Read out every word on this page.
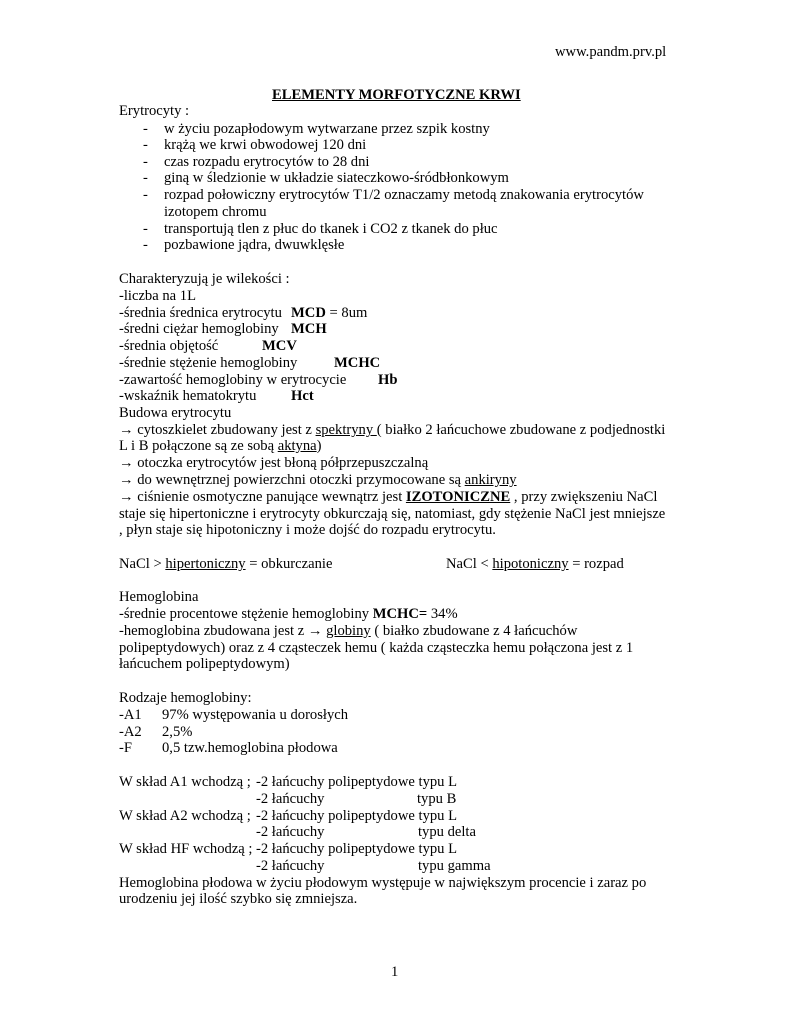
www.pandm.prv.pl
ELEMENTY MORFOTYCZNE KRWI
Erytrocyty :
- w życiu pozapłodowym wytwarzane przez szpik kostny
- krążą we krwi obwodowej 120 dni
- czas rozpadu erytrocytów to 28 dni
- giną w śledzionie w układzie siateczkowo-śródbłonkowym
- rozpad połowiczny erytrocytów T1/2 oznaczamy metodą znakowania erytrocytów
izotopem chromu
- transportują tlen z płuc do tkanek i CO2 z tkanek do płuc
- pozbawione jądra, dwuwklęsłe
Charakteryzują je wilekości :
-liczba na 1L
-średnia średnica erytrocytu MCD = 8um
-średni ciężar hemoglobiny MCH
-średnia objętość	MCV
-średnie stężenie hemoglobiny	MCHC
-zawartość hemoglobiny w erytrocycie Hb
-wskaźnik hematokrytu Hct
Budowa erytrocytu
→ cytoszkielet zbudowany jest z spektryny ( białko 2 łańcuchowe zbudowane z podjednostki
L i B połączone są ze sobą aktyna)
→ otoczka erytrocytów jest błoną półprzepuszczalną
→ do wewnętrznej powierzchni otoczki przymocowane są ankiryny
→ ciśnienie osmotyczne panujące wewnątrz jest IZOTONICZNE , przy zwiększeniu NaCl
staje się hipertoniczne i erytrocyty obkurczają się, natomiast, gdy stężenie NaCl jest mniejsze
, płyn staje się hipotoniczny i może dojść do rozpadu erytrocytu.
NaCl > hipertoniczny = obkurczanie	NaCl < hipotoniczny = rozpad
Hemoglobina
-średnie procentowe stężenie hemoglobiny MCHC= 34%
-hemoglobina zbudowana jest z → globiny ( białko zbudowane z 4 łańcuchów
polipeptydowych) oraz z 4 cząsteczek hemu ( każda cząsteczka hemu połączona jest z 1
łańcuchem polipeptydowym)
Rodzaje hemoglobiny:
-A1 97% występowania u dorosłych
-A2 2,5%
-F 0,5 tzw.hemoglobina płodowa
W skład A1 wchodzą ; -2 łańcuchy polipeptydowe typu L
-2 łańcuchy	typu B
W skład A2 wchodzą ; -2 łańcuchy polipeptydowe typu L
-2 łańcuchy	typu delta
W skład HF wchodzą ; -2 łańcuchy polipeptydowe typu L
-2 łańcuchy	typu gamma
Hemoglobina płodowa w życiu płodowym występuje w największym procencie i zaraz po
urodzeniu jej ilość szybko się zmniejsza.
1
